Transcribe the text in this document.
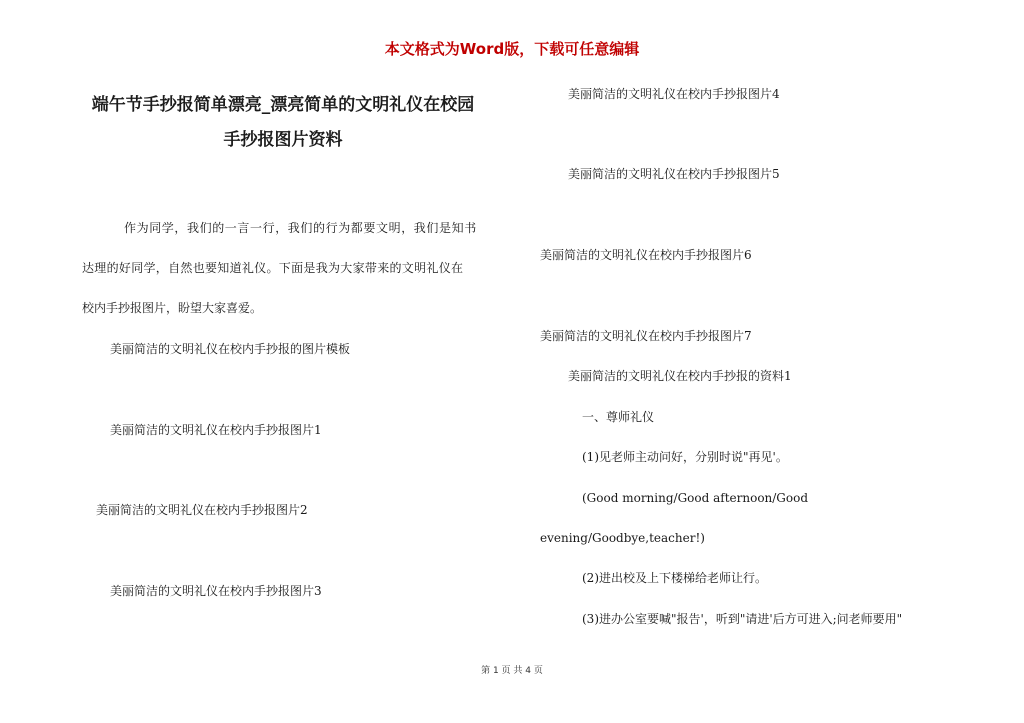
本文格式为Word版，下载可任意编辑
端午节手抄报简单漂亮_漂亮简单的文明礼仪在校园
手抄报图片资料
作为同学，我们的一言一行，我们的行为都要文明，我们是知书
达理的好同学，自然也要知道礼仪。下面是我为大家带来的文明礼仪在
校内手抄报图片，盼望大家喜爱。
美丽简洁的文明礼仪在校内手抄报的图片模板
美丽简洁的文明礼仪在校内手抄报图片1
美丽简洁的文明礼仪在校内手抄报图片2
美丽简洁的文明礼仪在校内手抄报图片3
美丽简洁的文明礼仪在校内手抄报图片4
美丽简洁的文明礼仪在校内手抄报图片5
美丽简洁的文明礼仪在校内手抄报图片6
美丽简洁的文明礼仪在校内手抄报图片7
美丽简洁的文明礼仪在校内手抄报的资料1
一、尊师礼仪
(1)见老师主动问好，分别时说"再见'。
(Good morning/Good afternoon/Good
evening/Goodbye,teacher!)
(2)进出校及上下楼梯给老师让行。
(3)进办公室要喊"报告'，听到"请进'后方可进入;问老师要用"
第 1 页 共 4 页
